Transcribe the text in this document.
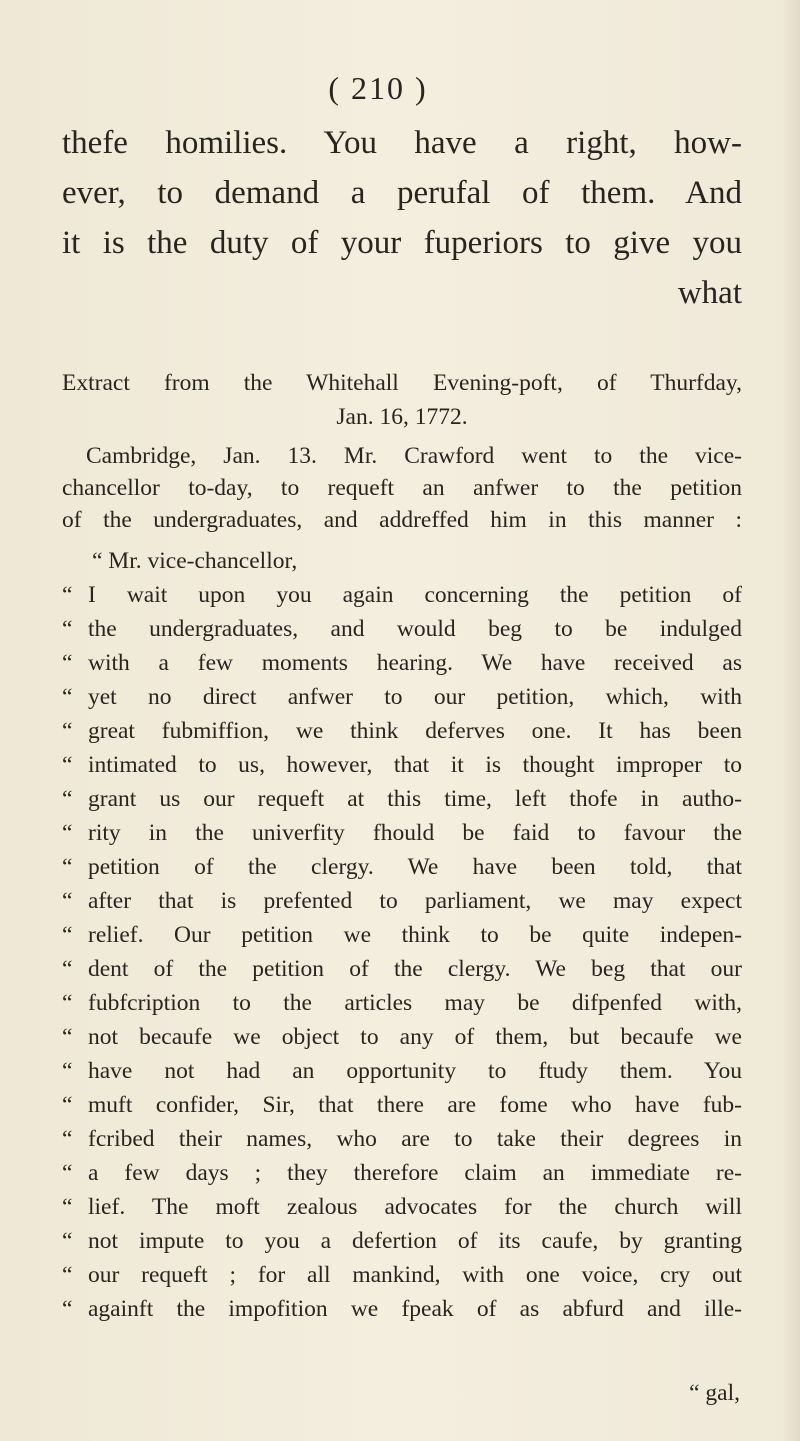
( 210 )
thefe homilies. You have a right, how-
ever, to demand a perufal of them. And
it is the duty of your fuperiors to give you
what
Extract from the Whitehall Evening-poft, of Thurfday,
Jan. 16, 1772.
Cambridge, Jan. 13. Mr. Crawford went to the vice-
chancellor to-day, to requeft an anfwer to the petition
of the undergraduates, and addreffed him in this manner :
“ Mr. vice-chancellor,
“ I wait upon you again concerning the petition of
“ the undergraduates, and would beg to be indulged
“ with a few moments hearing. We have received as
“ yet no direct anfwer to our petition, which, with
“ great fubmiffion, we think deferves one. It has been
“ intimated to us, however, that it is thought improper to
“ grant us our requeft at this time, left thofe in autho-
“ rity in the univerfity fhould be faid to favour the
“ petition of the clergy. We have been told, that
“ after that is prefented to parliament, we may expect
“ relief. Our petition we think to be quite indepen-
“ dent of the petition of the clergy. We beg that our
“ fubfcription to the articles may be difpenfed with,
“ not becaufe we object to any of them, but becaufe we
“ have not had an opportunity to ftudy them. You
“ muft confider, Sir, that there are fome who have fub-
“ fcribed their names, who are to take their degrees in
“ a few days ; they therefore claim an immediate re-
“ lief. The moft zealous advocates for the church will
“ not impute to you a defertion of its caufe, by granting
“ our requeft ; for all mankind, with one voice, cry out
“ againft the impofition we fpeak of as abfurd and ille-
“ gal,
